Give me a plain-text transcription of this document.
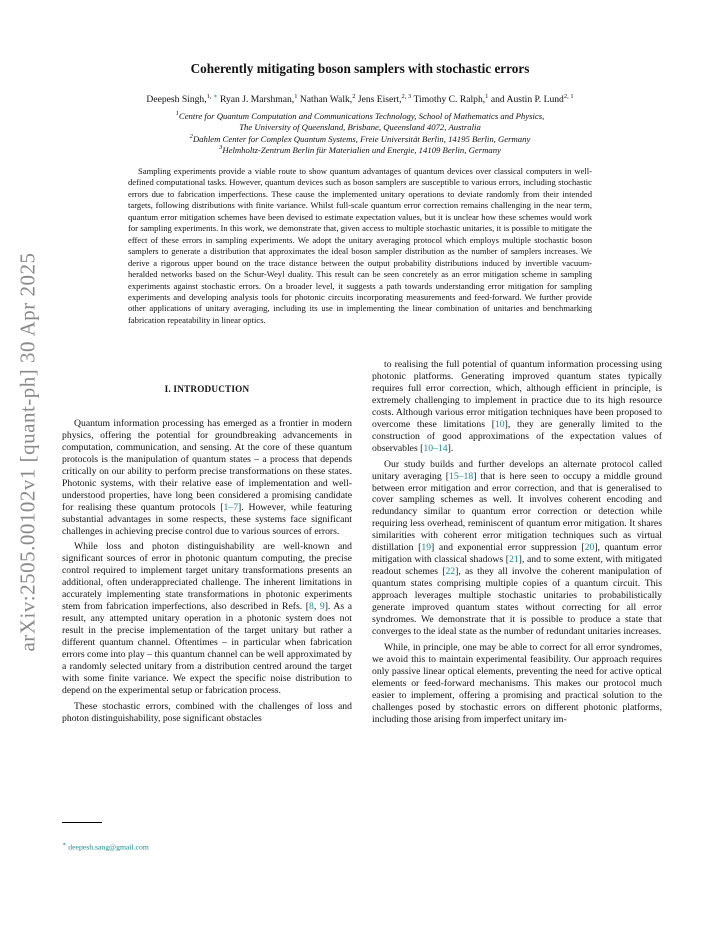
arXiv:2505.00102v1 [quant-ph] 30 Apr 2025
Coherently mitigating boson samplers with stochastic errors
Deepesh Singh,$^{1, ∗}$ Ryan J. Marshman,$^1$ Nathan Walk,$^2$ Jens Eisert,$^{2, 3}$ Timothy C. Ralph,$^1$ and Austin P. Lund$^{2, 1}$
$^1$Centre for Quantum Computation and Communications Technology, School of Mathematics and Physics,
The University of Queensland, Brisbane, Queensland 4072, Australia
$^2$Dahlem Center for Complex Quantum Systems, Freie Universität Berlin, 14195 Berlin, Germany
$^3$Helmholtz-Zentrum Berlin für Materialien und Energie, 14109 Berlin, Germany

Sampling experiments provide a viable route to show quantum advantages of quantum devices over classical computers in well-defined computational tasks. However, quantum devices such as boson samplers are susceptible to various errors, including stochastic errors due to fabrication imperfections. These cause the implemented unitary operations to deviate randomly from their intended targets, following distributions with finite variance. Whilst full-scale quantum error correction remains challenging in the near term, quantum error mitigation schemes have been devised to estimate expectation values, but it is unclear how these schemes would work for sampling experiments. In this work, we demonstrate that, given access to multiple stochastic unitaries, it is possible to mitigate the effect of these errors in sampling experiments. We adopt the unitary averaging protocol which employs multiple stochastic boson samplers to generate a distribution that approximates the ideal boson sampler distribution as the number of samplers increases. We derive a rigorous upper bound on the trace distance between the output probability distributions induced by invertible vacuum-heralded networks based on the Schur-Weyl duality. This result can be seen concretely as an error mitigation scheme in sampling experiments against stochastic errors. On a broader level, it suggests a path towards understanding error mitigation for sampling experiments and developing analysis tools for photonic circuits incorporating measurements and feed-forward. We further provide other applications of unitary averaging, including its use in implementing the linear combination of unitaries and benchmarking fabrication repeatability in linear optics.

I. INTRODUCTION

Quantum information processing has emerged as a frontier in modern physics, offering the potential for groundbreaking advancements in computation, communication, and sensing. At the core of these quantum protocols is the manipulation of quantum states – a process that depends critically on our ability to perform precise transformations on these states. Photonic systems, with their relative ease of implementation and well-understood properties, have long been considered a promising candidate for realising these quantum protocols [1–7]. However, while featuring substantial advantages in some respects, these systems face significant challenges in achieving precise control due to various sources of errors.

While loss and photon distinguishability are well-known and significant sources of error in photonic quantum computing, the precise control required to implement target unitary transformations presents an additional, often underappreciated challenge. The inherent limitations in accurately implementing state transformations in photonic experiments stem from fabrication imperfections, also described in Refs. [8, 9]. As a result, any attempted unitary operation in a photonic system does not result in the precise implementation of the target unitary but rather a different quantum channel. Oftentimes – in particular when fabrication errors come into play – this quantum channel can be well approximated by a randomly selected unitary from a distribution centred around the target with some finite variance. We expect the specific noise distribution to depend on the experimental setup or fabrication process.

These stochastic errors, combined with the challenges of loss and photon distinguishability, pose significant obstacles

to realising the full potential of quantum information processing using photonic platforms. Generating improved quantum states typically requires full error correction, which, although efficient in principle, is extremely challenging to implement in practice due to its high resource costs. Although various error mitigation techniques have been proposed to overcome these limitations [10], they are generally limited to the construction of good approximations of the expectation values of observables [10–14].

Our study builds and further develops an alternate protocol called unitary averaging [15–18] that is here seen to occupy a middle ground between error mitigation and error correction, and that is generalised to cover sampling schemes as well. It involves coherent encoding and redundancy similar to quantum error correction or detection while requiring less overhead, reminiscent of quantum error mitigation. It shares similarities with coherent error mitigation techniques such as virtual distillation [19] and exponential error suppression [20], quantum error mitigation with classical shadows [21], and to some extent, with mitigated readout schemes [22], as they all involve the coherent manipulation of quantum states comprising multiple copies of a quantum circuit. This approach leverages multiple stochastic unitaries to probabilistically generate improved quantum states without correcting for all error syndromes. We demonstrate that it is possible to produce a state that converges to the ideal state as the number of redundant unitaries increases.

While, in principle, one may be able to correct for all error syndromes, we avoid this to maintain experimental feasibility. Our approach requires only passive linear optical elements, preventing the need for active optical elements or feed-forward mechanisms. This makes our protocol much easier to implement, offering a promising and practical solution to the challenges posed by stochastic errors on different photonic platforms, including those arising from imperfect unitary im-

∗ deepesh.sang@gmail.com
